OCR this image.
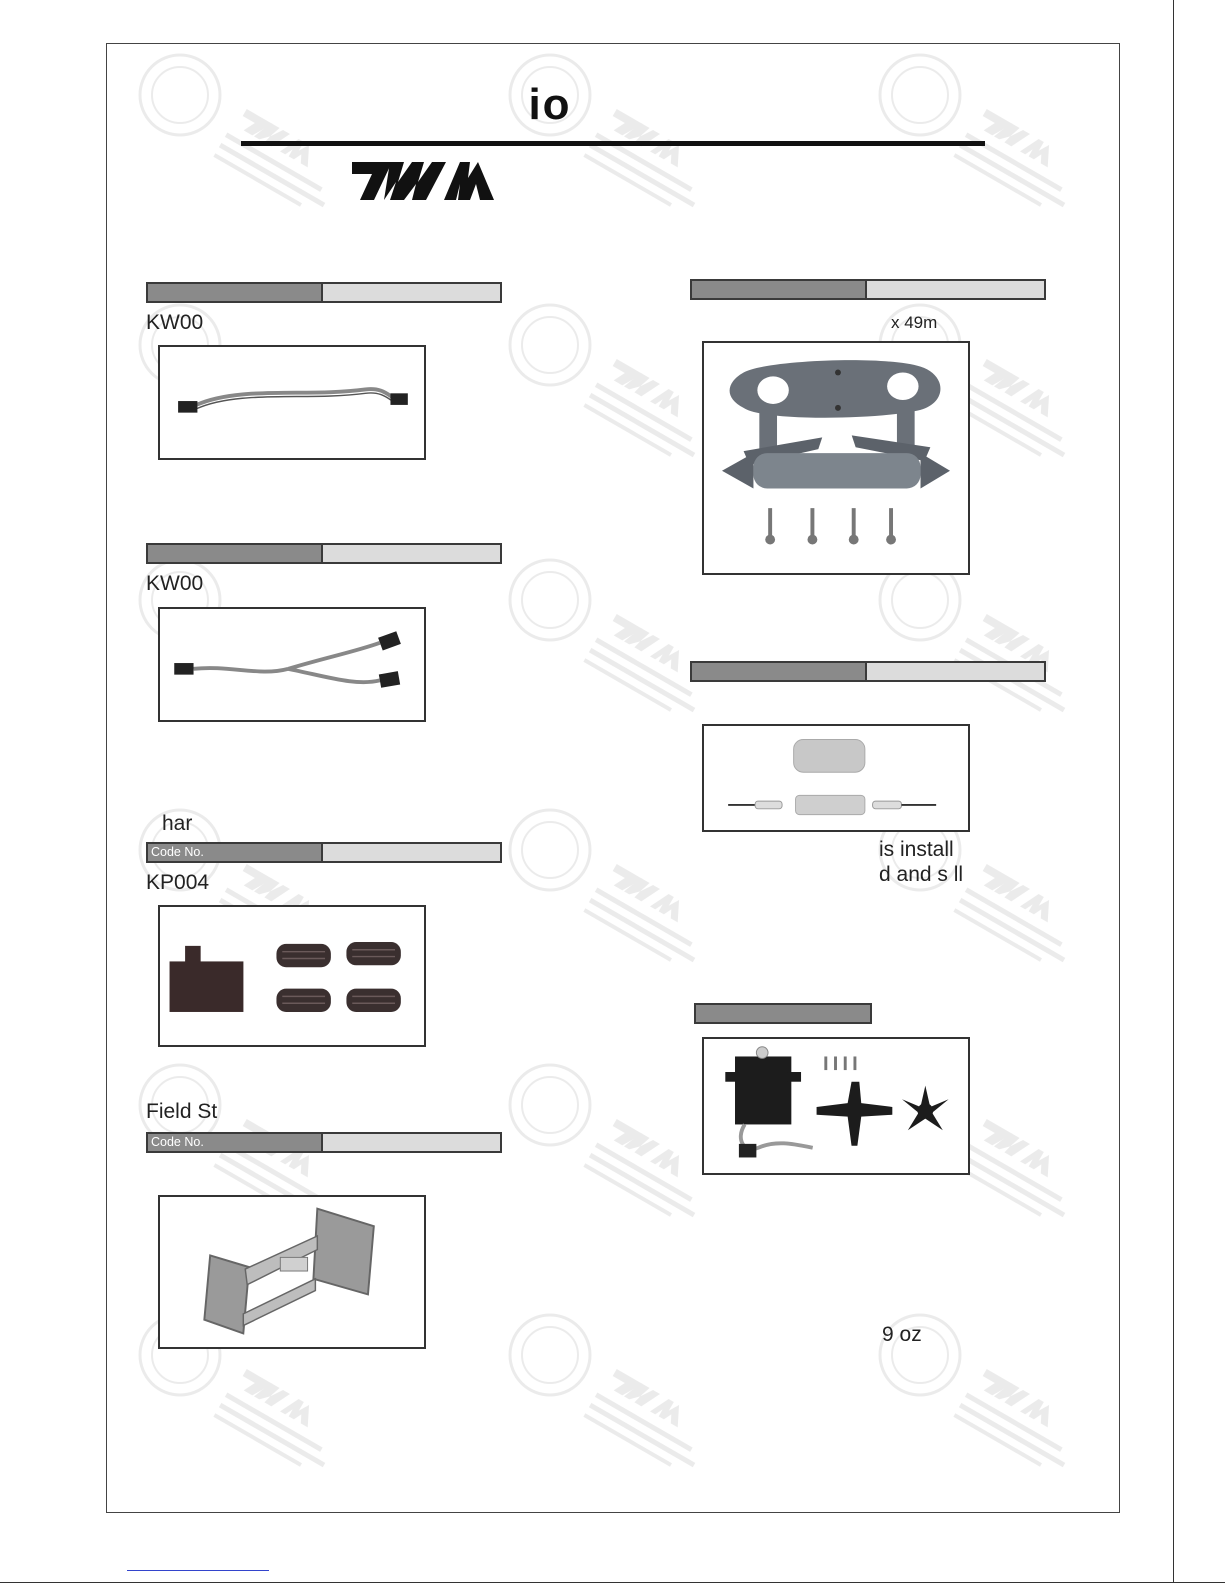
io
KW00
KW00
har
Code No.
KP004
Field St
Code No.
x 49m
is install
d and s ll
9 oz
